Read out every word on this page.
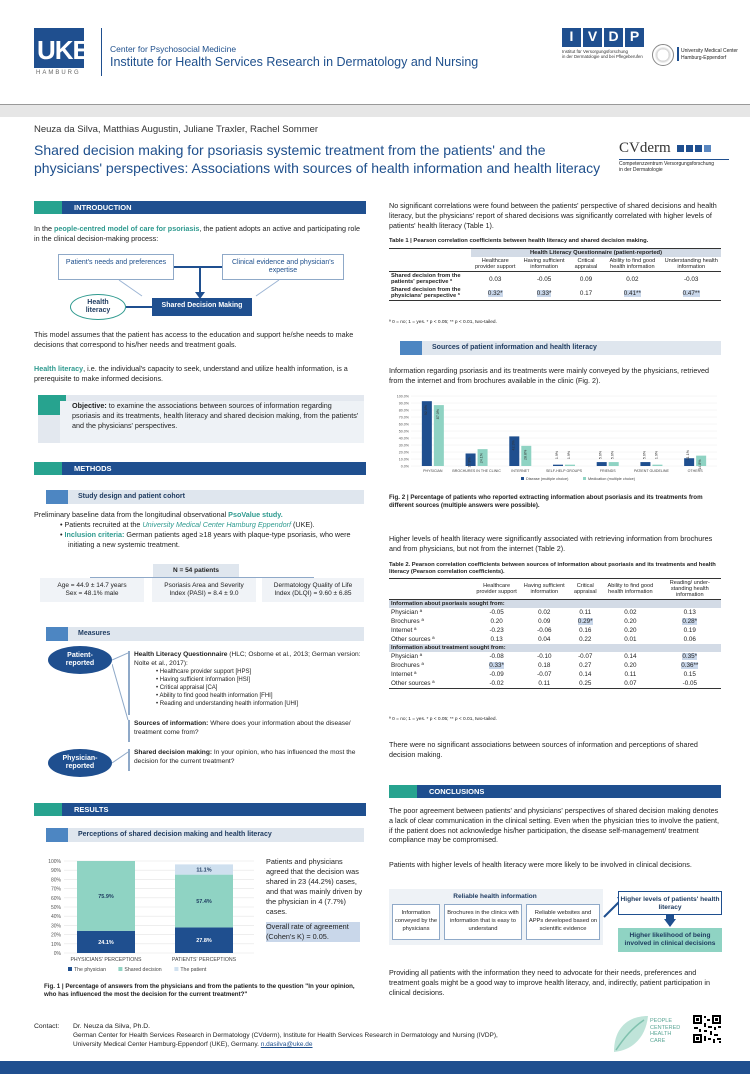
UKE
HAMBURG
Center for Psychosocial Medicine
Institute for Health Services Research in Dermatology and Nursing
I	V D P
Institut für Versorgungsforschung
in der Dermatologie und bei Pflegeberufen
University Medical Center
Hamburg-Eppendorf
Neuza da Silva, Matthias Augustin, Juliane Traxler, Rachel Sommer
Shared decision making for psoriasis systemic treatment from the patients' and the physicians' perspectives: Associations with sources of health information and health literacy
CVderm
Competenzzentrum Versorgungsforschung
in der Dermatologie
INTRODUCTION

In the people-centred model of care for psoriasis, the patient adopts an active and participating role in the clinical decision-making process:

Patient's needs and preferences	Clinical evidence and physician's expertise
Health literacy
Shared Decision Making

This model assumes that the patient has access to the education and support he/she needs to make decisions that correspond to his/her needs and treatment goals.

Health literacy, i.e. the individual's capacity to seek, understand and utilize health information, is a prerequisite to make informed decisions.

Objective: to examine the associations between sources of information regarding psoriasis and its treatments, health literacy and shared decision making, from the patients' and the physicians' perspectives.

METHODS
Study design and patient cohort

Preliminary baseline data from the longitudinal observational PsoValue study.

• Patients recruited at the University Medical Center Hamburg Eppendorf (UKE).

• Inclusion criteria: German patients aged ≥18 years with plaque-type psoriasis, who were initiating a new systemic treatment.

N = 54 patients
Age = 44.9 ± 14.7 years
Sex = 48.1% male
Psoriasis Area and Severity
Index (PASI) = 8.4 ± 9.0
Dermatology Quality of Life
Index (DLQI) = 9.60 ± 6.85
Measures
Patient-reported
Physician-reported

Health Literacy Questionnaire (HLC; Osborne et al., 2013; German version: Nolte et al., 2017):

• Healthcare provider support [HPS]
• Having sufficient information [HSI]
• Critical appraisal [CA]
• Ability to find good health information [FHI]
• Reading and understanding health information [UHI]

Sources of information: Where does your information about the disease/ treatment come from?

Shared decision making: In your opinion, who has influenced the most the decision for the current treatment?

RESULTS
Perceptions of shared decision making and health literacy
0%
10%
20%
30%
40%
50%
60%
70%
80%
90%
100%
24.1%
75.9%
PHYSICIANS' PERCEPTIONS
27.8%
57.4%
11.1%
PATIENTS' PERCEPTIONS
The physician	Shared decision	The patient

Patients and physicians agreed that the decision was shared in 23 (44.2%) cases, and that was mainly driven by the physician in 4 (7.7%) cases.

Overall rate of agreement (Cohen's K) = 0.05.

Fig. 1 | Percentage of answers from the physicians and from the patients to the question "In your opinion, who has influenced the most the decision for the current treatment?"

No significant correlations were found between the patients' perspective of shared decisions and health literacy, but the physicians' report of shared decisions was significantly correlated with higher levels of patients' health literacy (Table 1).

Table 1 | Pearson correlation coefficients between health literacy and shared decision making.
	Health Literacy Questionnaire (patient-reported)				
	Healthcare provider support	Having sufficient information	Critical appraisal	Ability to find good health information	Understanding health information
Shared decision from the patients' perspective ª	0.03	-0.05	0.09	0.02	-0.03
Shared decision from the physicians' perspective ª	0.32*	0.33*	0.17	0.41**	0.47**
ª 0 = no; 1 = yes. * p < 0.05; ** p < 0.01, two-tailed.
Sources of patient information and health literacy

Information regarding psoriasis and its treatments were mainly conveyed by the physicians, retrieved from the internet and from brochures available in the clinic (Fig. 2).

0.0%
10.0%
20.0%
30.0%
40.0%
50.0%
60.0%
70.0%
80.0%
90.0%
100.0%
92.6% 87.0%
PHYSICIAN
17.9% 24.1%
BROCHURES IN THE CLINIC
42.3%
28.8%
INTERNET
1.9% 1.9%
SELF-HELP GROUPS
5.6% 5.6%
FRIENDS
5.6% 1.9%
PATIENT GUIDELINE
11.1%
14.8%
OTHERS
Disease (multiple choice)	Medication (multiple choice)

Fig. 2 | Percentage of patients who reported extracting information about psoriasis and its treatments from different sources (multiple answers were possible).

Higher levels of health literacy were significantly associated with retrieving information from brochures and from physicians, but not from the internet (Table 2).

Table 2. Pearson correlation coefficients between sources of information about psoriasis and its treatments and health literacy (Pearson correlation coefficients).
	Healthcare provider support	Having sufficient information	Critical appraisal	Ability to find good health information	Reading/ under-standing health information
Information about psoriasis sought from:					
Physician ª	-0.05	0.02	0.11	0.02	0.13
Brochures ª	0.20	0.09	0.29*	0.20	0.28*
Internet ª	-0.23	-0.06	0.16	0.20	0.19
Other sources ª	0.13	0.04	0.22	0.01	0.06
Information about treatment sought from:					
Physician ª	-0.08	-0.10	-0.07	0.14	0.35*
Brochures ª	0.33*	0.18	0.27	0.20	0.36**
Internet ª	-0.09	-0.07	0.14	0.11	0.15
Other sources ª	-0.02	0.11	0.25	0.07	-0.05
ª 0 = no; 1 = yes. * p < 0.05; ** p < 0.01, two-tailed.

There were no significant associations between sources of information and perceptions of shared decision making.

CONCLUSIONS

The poor agreement between patients' and physicians' perspectives of shared decision making denotes a lack of clear communication in the clinical setting. Even when the physician tries to involve the patient, if the patient does not acknowledge his/her participation, the disease self-management/ treatment compliance may be compromised.

Patients with higher levels of health literacy were more likely to be involved in clinical decisions.

Reliable health information
Information conveyed by the physicians
Brochures in the clinics with information that is easy to understand
Reliable websites and APPs developed based on scientific evidence
Higher levels of patients' health literacy
Higher likelihood of being involved in clinical decisions

Providing all patients with the information they need to advocate for their needs, preferences and treatment goals might be a good way to improve health literacy, and, indirectly, patient participation in clinical decisions.

Contact: Dr. Neuza da Silva, Ph.D.
German Center for Health Services Research in Dermatology (CVderm), Institute for Health Services Research in Dermatology and Nursing (IVDP),
University Medical Center Hamburg-Eppendorf (UKE), Germany. n.dasilva@uke.de
PEOPLE
CENTERED
HEALTH
CARE
